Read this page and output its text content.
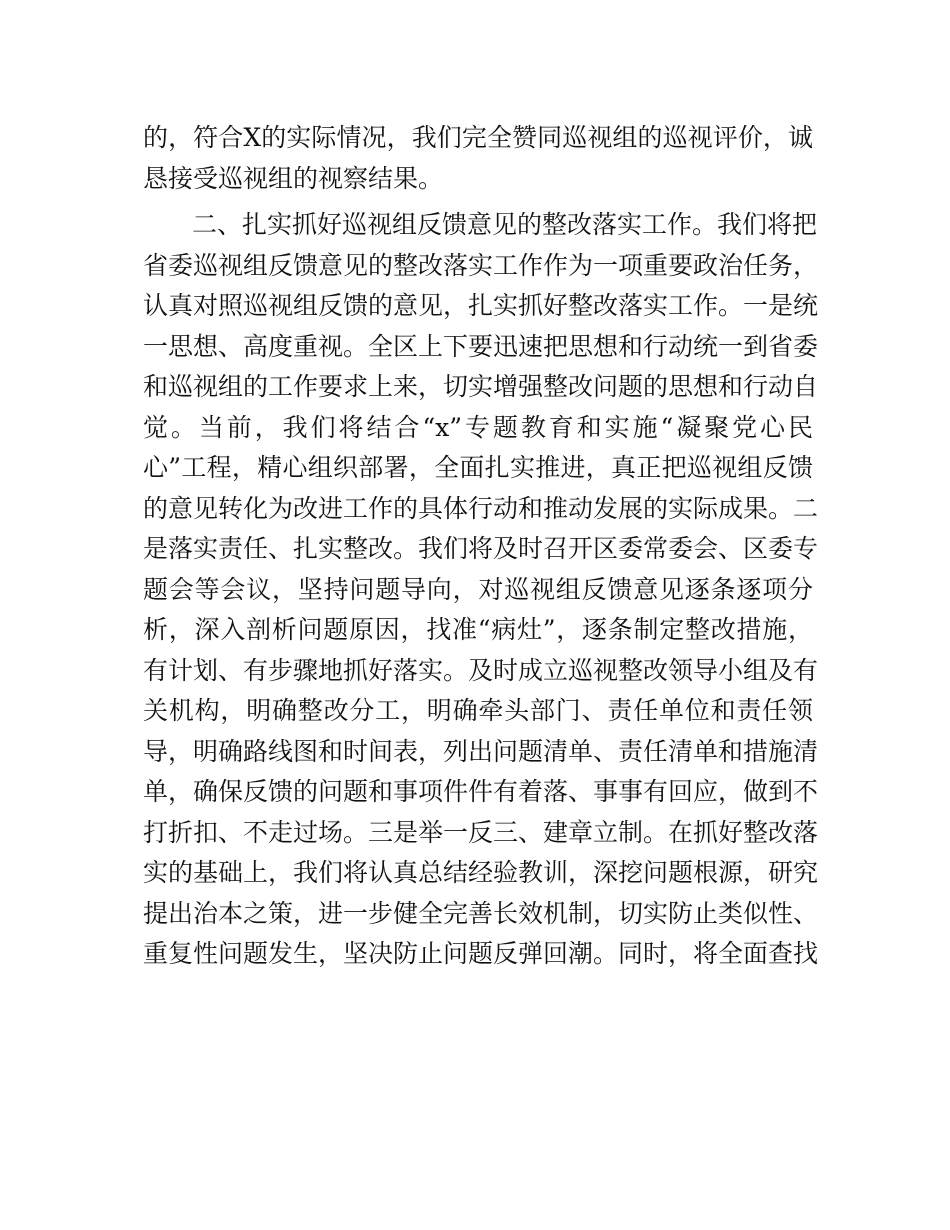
的，符合X的实际情况，我们完全赞同巡视组的巡视评价，诚
恳接受巡视组的视察结果。
二、扎实抓好巡视组反馈意见的整改落实工作。我们将把
省委巡视组反馈意见的整改落实工作作为一项重要政治任务，
认真对照巡视组反馈的意见，扎实抓好整改落实工作。一是统
一思想、高度重视。全区上下要迅速把思想和行动统一到省委
和巡视组的工作要求上来，切实增强整改问题的思想和行动自
觉。当前，我们将结合“x”专题教育和实施“凝聚党心民
心”工程，精心组织部署，全面扎实推进，真正把巡视组反馈
的意见转化为改进工作的具体行动和推动发展的实际成果。二
是落实责任、扎实整改。我们将及时召开区委常委会、区委专
题会等会议，坚持问题导向，对巡视组反馈意见逐条逐项分
析，深入剖析问题原因，找准“病灶”，逐条制定整改措施，
有计划、有步骤地抓好落实。及时成立巡视整改领导小组及有
关机构，明确整改分工，明确牵头部门、责任单位和责任领
导，明确路线图和时间表，列出问题清单、责任清单和措施清
单，确保反馈的问题和事项件件有着落、事事有回应，做到不
打折扣、不走过场。三是举一反三、建章立制。在抓好整改落
实的基础上，我们将认真总结经验教训，深挖问题根源，研究
提出治本之策，进一步健全完善长效机制，切实防止类似性、
重复性问题发生，坚决防止问题反弹回潮。同时，将全面查找
